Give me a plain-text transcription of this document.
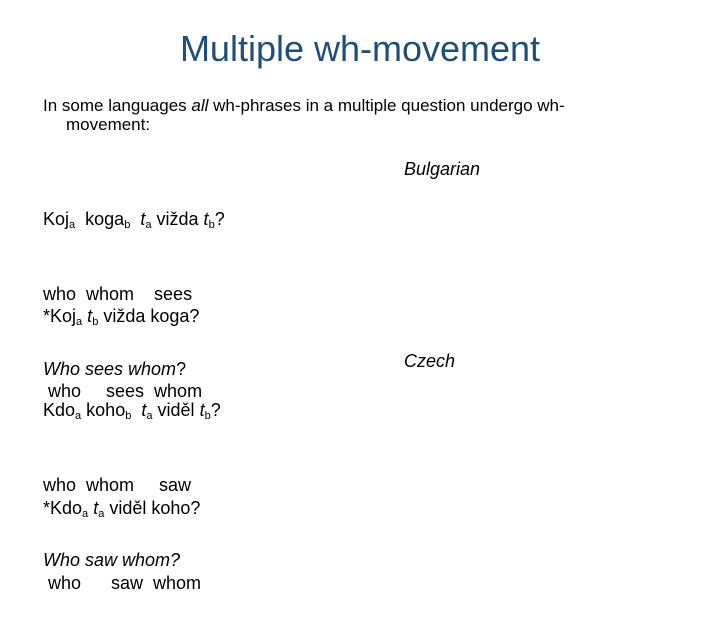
Multiple wh-movement
In some languages all wh-phrases in a multiple question undergo wh-
movement:

Koj$_a$ koga$_b$ $t_a$ vižda $t_b$?

who  whom    sees

Who sees whom?

Bulgarian

*Koj$_a$ $t_b$ vižda koga?

who     sees  whom

Kdo$_a$ koho$_b$ $t_a$ viděl $t_b$?

who  whom     saw

Who saw whom?

Czech

*Kdo$_a$ $t_a$ viděl koho?

who      saw  whom
